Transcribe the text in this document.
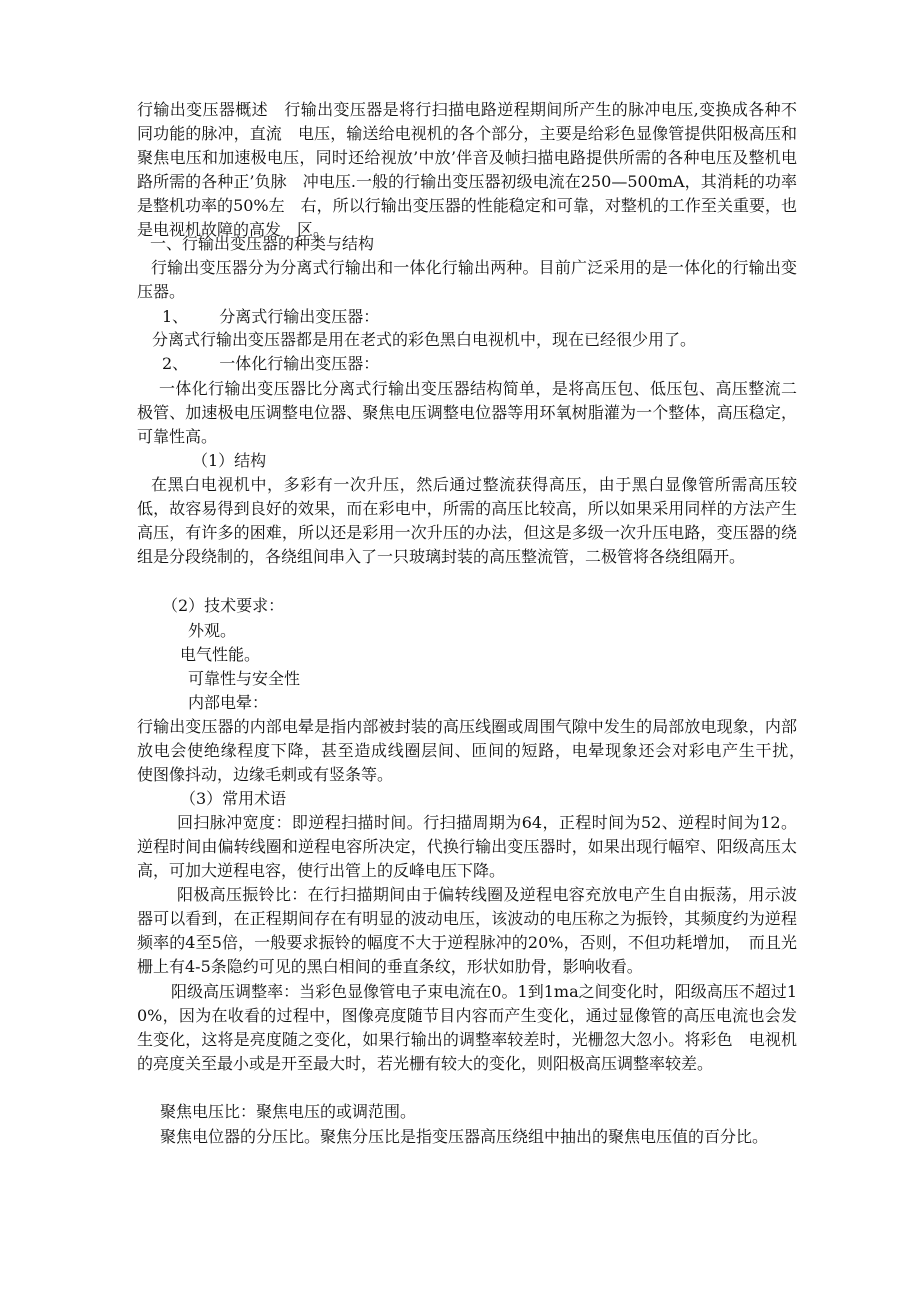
行输出变压器概述　行输出变压器是将行扫描电路逆程期间所产生的脉冲电压,变换成各种不同功能的脉冲，直流　电压，输送给电视机的各个部分，主要是给彩色显像管提供阳极高压和聚焦电压和加速极电压，同时还给视放’中放’伴音及帧扫描电路提供所需的各种电压及整机电路所需的各种正’负脉　冲电压.一般的行输出变压器初级电流在250—500mA，其消耗的功率是整机功率的50%左　右，所以行输出变压器的性能稳定和可靠，对整机的工作至关重要，也是电视机故障的高发　区。

一、行输出变压器的种类与结构

行输出变压器分为分离式行输出和一体化行输出两种。目前广泛采用的是一体化的行输出变压器。

1、 分离式行输出变压器：

分离式行输出变压器都是用在老式的彩色黑白电视机中，现在已经很少用了。

2、 一体化行输出变压器：

一体化行输出变压器比分离式行输出变压器结构简单，是将高压包、低压包、高压整流二极管、加速极电压调整电位器、聚焦电压调整电位器等用环氧树脂灌为一个整体，高压稳定，可靠性高。

（1）结构

在黑白电视机中，多彩有一次升压，然后通过整流获得高压，由于黑白显像管所需高压较低，故容易得到良好的效果，而在彩电中，所需的高压比较高，所以如果采用同样的方法产生高压，有许多的困难，所以还是彩用一次升压的办法，但这是多级一次升压电路，变压器的绕组是分段绕制的，各绕组间串入了一只玻璃封装的高压整流管，二极管将各绕组隔开。

（2）技术要求：

外观。

电气性能。

可靠性与安全性

内部电晕：

行输出变压器的内部电晕是指内部被封装的高压线圈或周围气隙中发生的局部放电现象，内部放电会使绝缘程度下降，甚至造成线圈层间、匝间的短路，电晕现象还会对彩电产生干扰，　使图像抖动，边缘毛刺或有竖条等。

（3）常用术语

回扫脉冲宽度：即逆程扫描时间。行扫描周期为64，正程时间为52、逆程时间为12。逆程时间由偏转线圈和逆程电容所决定，代换行输出变压器时，如果出现行幅窄、阳级高压太高，可加大逆程电容，使行出管上的反峰电压下降。

阳极高压振铃比：在行扫描期间由于偏转线圈及逆程电容充放电产生自由振荡，用示波器可以看到，在正程期间存在有明显的波动电压，该波动的电压称之为振铃，其频度约为逆程频率的4至5倍，一般要求振铃的幅度不大于逆程脉冲的20%，否则，不但功耗增加，　而且光栅上有4-5条隐约可见的黑白相间的垂直条纹，形状如肋骨，影响收看。

阳级高压调整率：当彩色显像管电子束电流在0。1到1ma之间变化时，阳级高压不超过10%，因为在收看的过程中，图像亮度随节目内容而产生变化，通过显像管的高压电流也会发生变化，这将是亮度随之变化，如果行输出的调整率较差时，光栅忽大忽小。将彩色　电视机的亮度关至最小或是开至最大时，若光栅有较大的变化，则阳极高压调整率较差。

聚焦电压比：聚焦电压的或调范围。

聚焦电位器的分压比。聚焦分压比是指变压器高压绕组中抽出的聚焦电压值的百分比。
